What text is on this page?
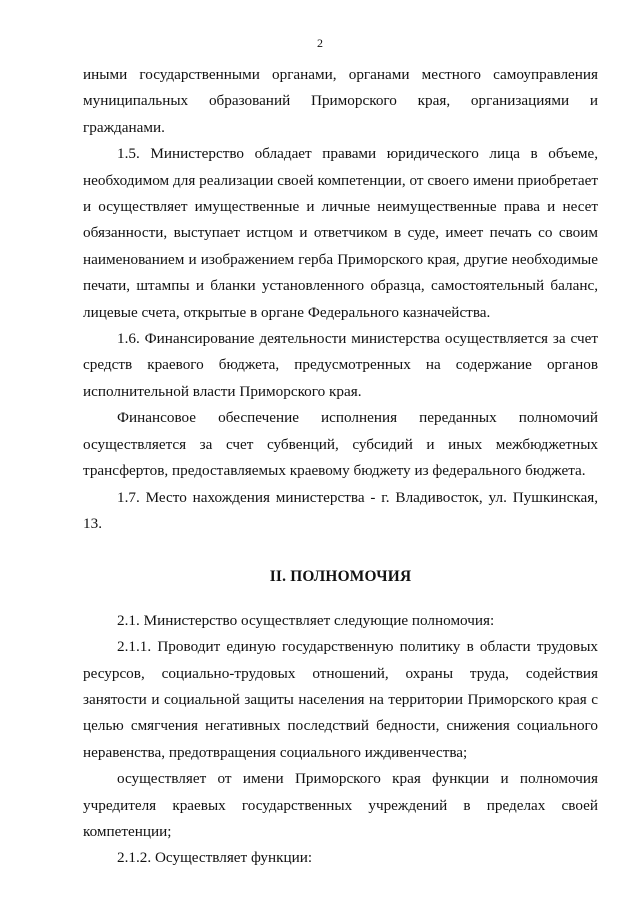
2

иными государственными органами, органами местного самоуправления муниципальных образований Приморского края, организациями и гражданами.

1.5. Министерство обладает правами юридического лица в объеме, необходимом для реализации своей компетенции, от своего имени приобретает и осуществляет имущественные и личные неимущественные права и несет обязанности, выступает истцом и ответчиком в суде, имеет печать со своим наименованием и изображением герба Приморского края, другие необходимые печати, штампы и бланки установленного образца, самостоятельный баланс, лицевые счета, открытые в органе Федерального казначейства.

1.6. Финансирование деятельности министерства осуществляется за счет средств краевого бюджета, предусмотренных на содержание органов исполнительной власти Приморского края.

Финансовое обеспечение исполнения переданных полномочий осуществляется за счет субвенций, субсидий и иных межбюджетных трансфертов, предоставляемых краевому бюджету из федерального бюджета.

1.7. Место нахождения министерства - г. Владивосток, ул. Пушкинская, 13.

II. ПОЛНОМОЧИЯ

2.1. Министерство осуществляет следующие полномочия:

2.1.1. Проводит единую государственную политику в области трудовых ресурсов, социально-трудовых отношений, охраны труда, содействия занятости и социальной защиты населения на территории Приморского края с целью смягчения негативных последствий бедности, снижения социального неравенства, предотвращения социального иждивенчества;

осуществляет от имени Приморского края функции и полномочия учредителя краевых государственных учреждений в пределах своей компетенции;

2.1.2. Осуществляет функции:
